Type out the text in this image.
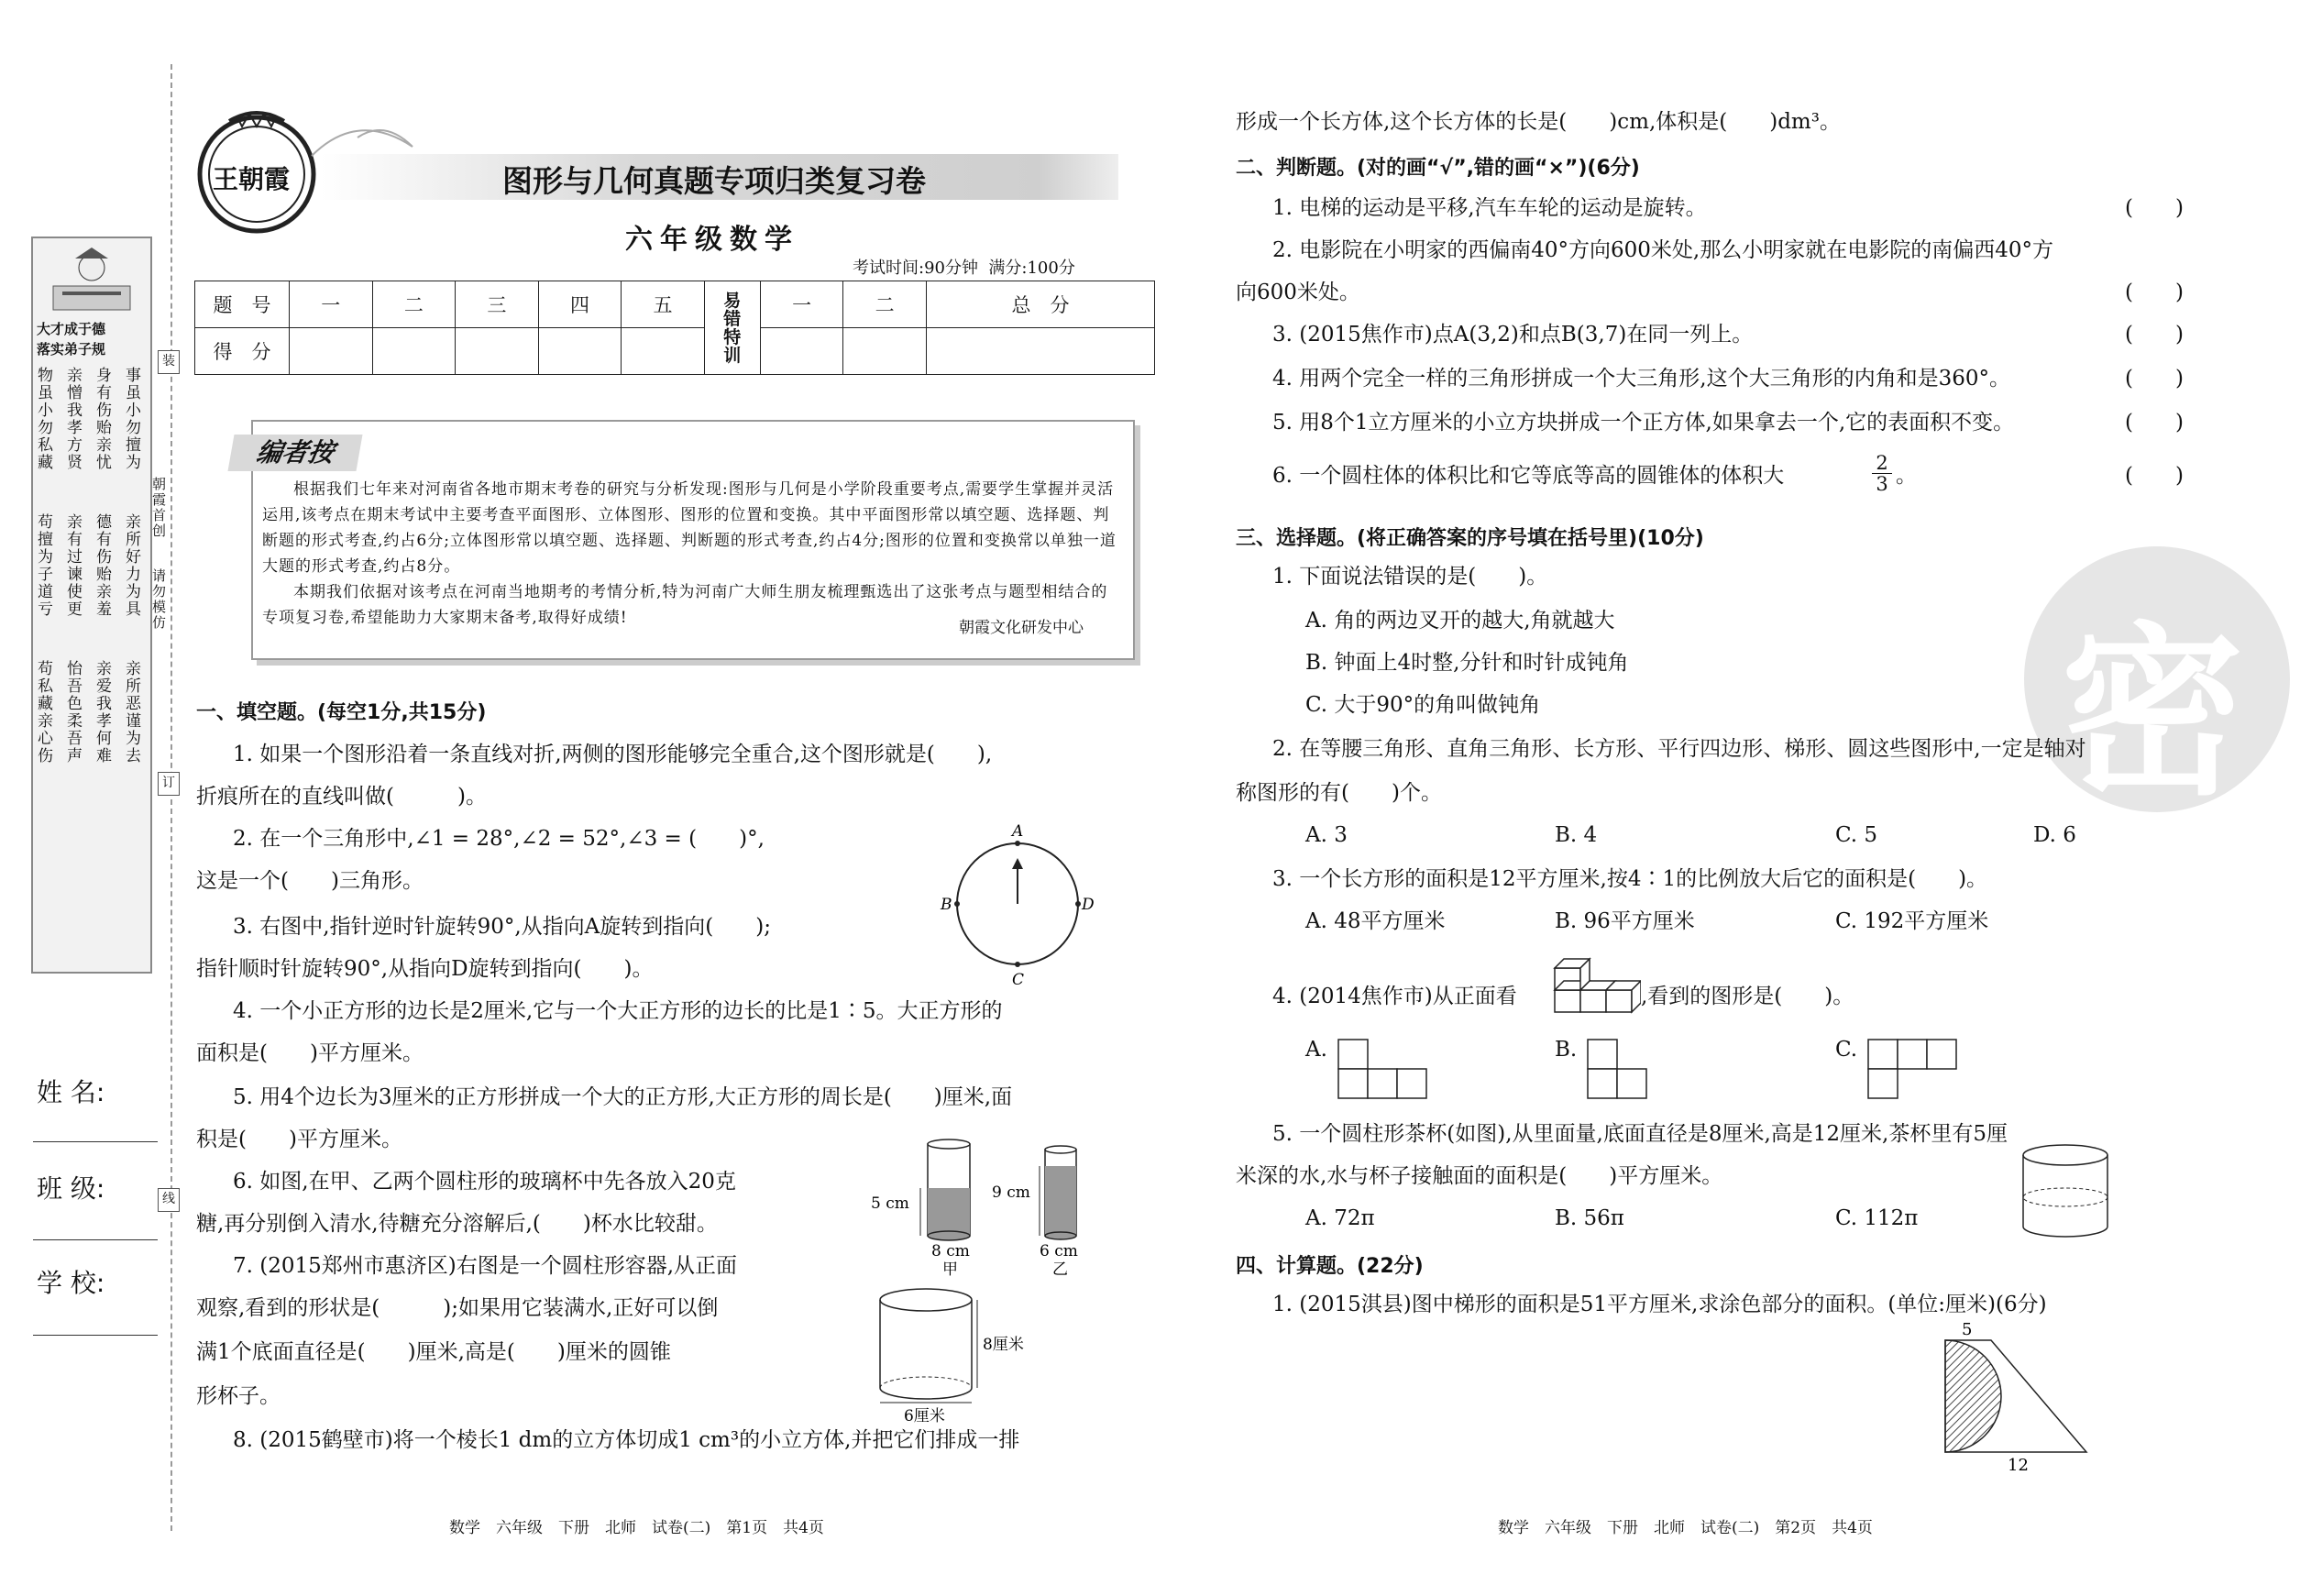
大才成于德
落实弟子规
事虽小勿擅为
亲所好力为具
亲所恶谨为去
身有伤贻亲忧
德有伤贻亲羞
亲爱我孝何难
亲憎我孝方贤
亲有过谏使更
怡吾色柔吾声
物虽小勿私藏
苟擅为子道亏
苟私藏亲心伤
姓 名:
班 级:
学 校:
装
订
线
朝霞首创
请勿模仿
王朝霞	图形与几何真题专项归类复习卷
六年级数学
考试时间:90分钟  满分:100分
题　号	一	二	三	四	五	易错特训	一	二	总　分
得　分									
编者按
根据我们七年来对河南省各地市期末考卷的研究与分析发现:图形与几何是小学阶段重要考点,需要学生掌握并灵活运用,该考点在期末考试中主要考查平面图形、立体图形、图形的位置和变换。其中平面图形常以填空题、选择题、判断题的形式考查,约占6分;立体图形常以填空题、选择题、判断题的形式考查,约占4分;图形的位置和变换常以单独一道大题的形式考查,约占8分。
本期我们依据对该考点在河南当地期考的考情分析,特为河南广大师生朋友梳理甄选出了这张考点与题型相结合的专项复习卷,希望能助力大家期末备考,取得好成绩!
朝霞文化研发中心
一、填空题。(每空1分,共15分)
1. 如果一个图形沿着一条直线对折,两侧的图形能够完全重合,这个图形就是(　　),
折痕所在的直线叫做(　　　)。
2. 在一个三角形中,∠1 = 28°,∠2 = 52°,∠3 = (　　)°,
这是一个(　　)三角形。
3. 右图中,指针逆时针旋转90°,从指向A旋转到指向(　　);
指针顺时针旋转90°,从指向D旋转到指向(　　)。
A
B
C
D
4. 一个小正方形的边长是2厘米,它与一个大正方形的边长的比是1∶5。大正方形的
面积是(　　)平方厘米。
5. 用4个边长为3厘米的正方形拼成一个大的正方形,大正方形的周长是(　　)厘米,面
积是(　　)平方厘米。
6. 如图,在甲、乙两个圆柱形的玻璃杯中先各放入20克
糖,再分别倒入清水,待糖充分溶解后,(　　)杯水比较甜。
5 cm
8 cm
甲
9 cm
6 cm
乙
7. (2015郑州市惠济区)右图是一个圆柱形容器,从正面
观察,看到的形状是(　　　);如果用它装满水,正好可以倒
满1个底面直径是(　　)厘米,高是(　　)厘米的圆锥
形杯子。
8厘米
6厘米
8. (2015鹤壁市)将一个棱长1 dm的立方体切成1 cm³的小立方体,并把它们排成一排
数学　六年级　下册　北师　试卷(二)　第1页　共4页
密
形成一个长方体,这个长方体的长是(　　)cm,体积是(　　)dm³。
二、判断题。(对的画“√”,错的画“×”)(6分)
1. 电梯的运动是平移,汽车车轮的运动是旋转。	(　　)
2. 电影院在小明家的西偏南40°方向600米处,那么小明家就在电影院的南偏西40°方
向600米处。	(　　)
3. (2015焦作市)点A(3,2)和点B(3,7)在同一列上。	(　　)
4. 用两个完全一样的三角形拼成一个大三角形,这个大三角形的内角和是360°。	(　　)
5. 用8个1立方厘米的小立方块拼成一个正方体,如果拿去一个,它的表面积不变。	(　　)
6. 一个圆柱体的体积比和它等底等高的圆锥体的体积大	$\frac{2}{3}$ 。	(　　)
三、选择题。(将正确答案的序号填在括号里)(10分)
1. 下面说法错误的是(　　)。
A. 角的两边叉开的越大,角就越大
B. 钟面上4时整,分针和时针成钝角
C. 大于90°的角叫做钝角
2. 在等腰三角形、直角三角形、长方形、平行四边形、梯形、圆这些图形中,一定是轴对
称图形的有(　　)个。
A. 3	B. 4	C. 5	D. 6
3. 一个长方形的面积是12平方厘米,按4∶1的比例放大后它的面积是(　　)。
A. 48平方厘米	B. 96平方厘米	C. 192平方厘米
4. (2014焦作市)从正面看	,看到的图形是(　　)。
A.	B.	C.
5. 一个圆柱形茶杯(如图),从里面量,底面直径是8厘米,高是12厘米,茶杯里有5厘
米深的水,水与杯子接触面的面积是(　　)平方厘米。
A. 72π	B. 56π	C. 112π
四、计算题。(22分)
1. (2015淇县)图中梯形的面积是51平方厘米,求涂色部分的面积。(单位:厘米)(6分)
5
12
数学　六年级　下册　北师　试卷(二)　第2页　共4页
